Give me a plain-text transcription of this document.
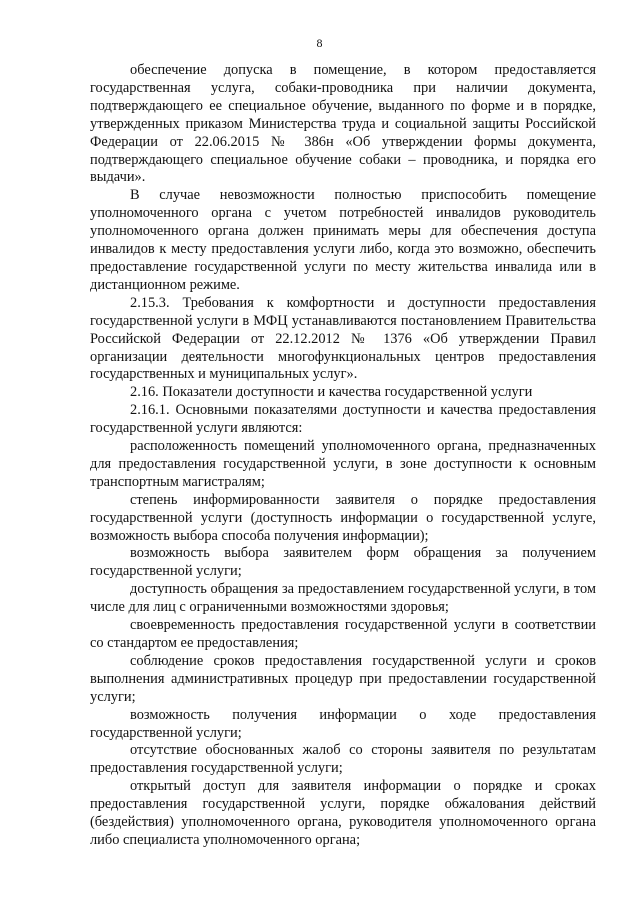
8

обеспечение допуска в помещение, в котором предоставляется государственная услуга, собаки-проводника при наличии документа, подтверждающего ее специальное обучение, выданного по форме и в порядке, утвержденных приказом Министерства труда и социальной защиты Российской Федерации от 22.06.2015 № 386н «Об утверждении формы документа, подтверждающего специальное обучение собаки – проводника, и порядка его выдачи».

В случае невозможности полностью приспособить помещение уполномоченного органа с учетом потребностей инвалидов руководитель уполномоченного органа должен принимать меры для обеспечения доступа инвалидов к месту предоставления услуги либо, когда это возможно, обеспечить предоставление государственной услуги по месту жительства инвалида или в дистанционном режиме.

2.15.3. Требования к комфортности и доступности предоставления государственной услуги в МФЦ устанавливаются постановлением Правительства Российской Федерации от 22.12.2012 № 1376 «Об утверждении Правил организации деятельности многофункциональных центров предоставления государственных и муниципальных услуг».

2.16. Показатели доступности и качества государственной услуги

2.16.1. Основными показателями доступности и качества предоставления государственной услуги являются:

расположенность помещений уполномоченного органа, предназначенных для предоставления государственной услуги, в зоне доступности к основным транспортным магистралям;

степень информированности заявителя о порядке предоставления государственной услуги (доступность информации о государственной услуге, возможность выбора способа получения информации);

возможность выбора заявителем форм обращения за получением государственной услуги;

доступность обращения за предоставлением государственной услуги, в том числе для лиц с ограниченными возможностями здоровья;

своевременность предоставления государственной услуги в соответствии со стандартом ее предоставления;

соблюдение сроков предоставления государственной услуги и сроков выполнения административных процедур при предоставлении государственной услуги;

возможность получения информации о ходе предоставления государственной услуги;

отсутствие обоснованных жалоб со стороны заявителя по результатам предоставления государственной услуги;

открытый доступ для заявителя информации о порядке и сроках предоставления государственной услуги, порядке обжалования действий (бездействия) уполномоченного органа, руководителя уполномоченного органа либо специалиста уполномоченного органа;
